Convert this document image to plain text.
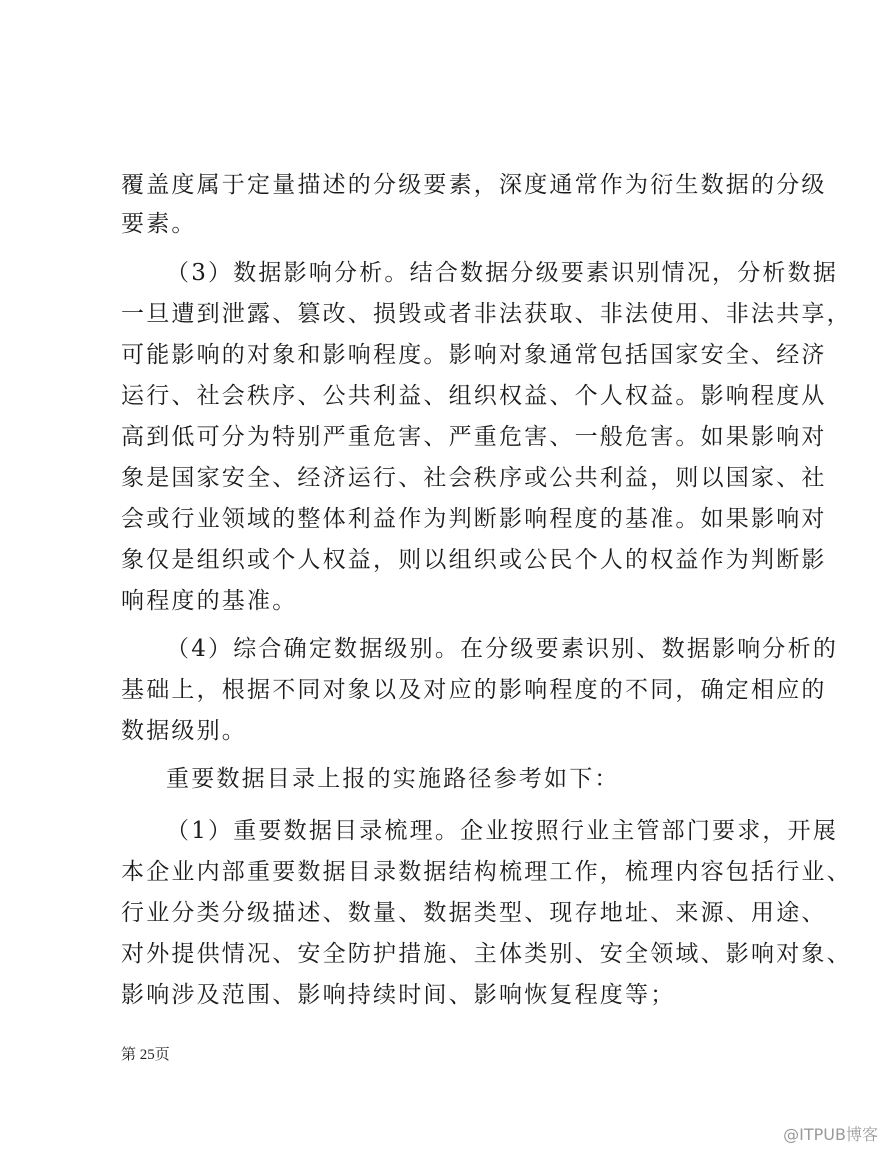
覆盖度属于定量描述的分级要素，深度通常作为衍生数据的分级
要素。
（3）数据影响分析。结合数据分级要素识别情况，分析数据
一旦遭到泄露、篡改、损毁或者非法获取、非法使用、非法共享，
可能影响的对象和影响程度。影响对象通常包括国家安全、经济
运行、社会秩序、公共利益、组织权益、个人权益。影响程度从
高到低可分为特别严重危害、严重危害、一般危害。如果影响对
象是国家安全、经济运行、社会秩序或公共利益，则以国家、社
会或行业领域的整体利益作为判断影响程度的基准。如果影响对
象仅是组织或个人权益，则以组织或公民个人的权益作为判断影
响程度的基准。
（4）综合确定数据级别。在分级要素识别、数据影响分析的
基础上，根据不同对象以及对应的影响程度的不同，确定相应的
数据级别。
重要数据目录上报的实施路径参考如下：
（1）重要数据目录梳理。企业按照行业主管部门要求，开展
本企业内部重要数据目录数据结构梳理工作，梳理内容包括行业、
行业分类分级描述、数量、数据类型、现存地址、来源、用途、
对外提供情况、安全防护措施、主体类别、安全领域、影响对象、
影响涉及范围、影响持续时间、影响恢复程度等；
第 25页
@ITPUB博客
